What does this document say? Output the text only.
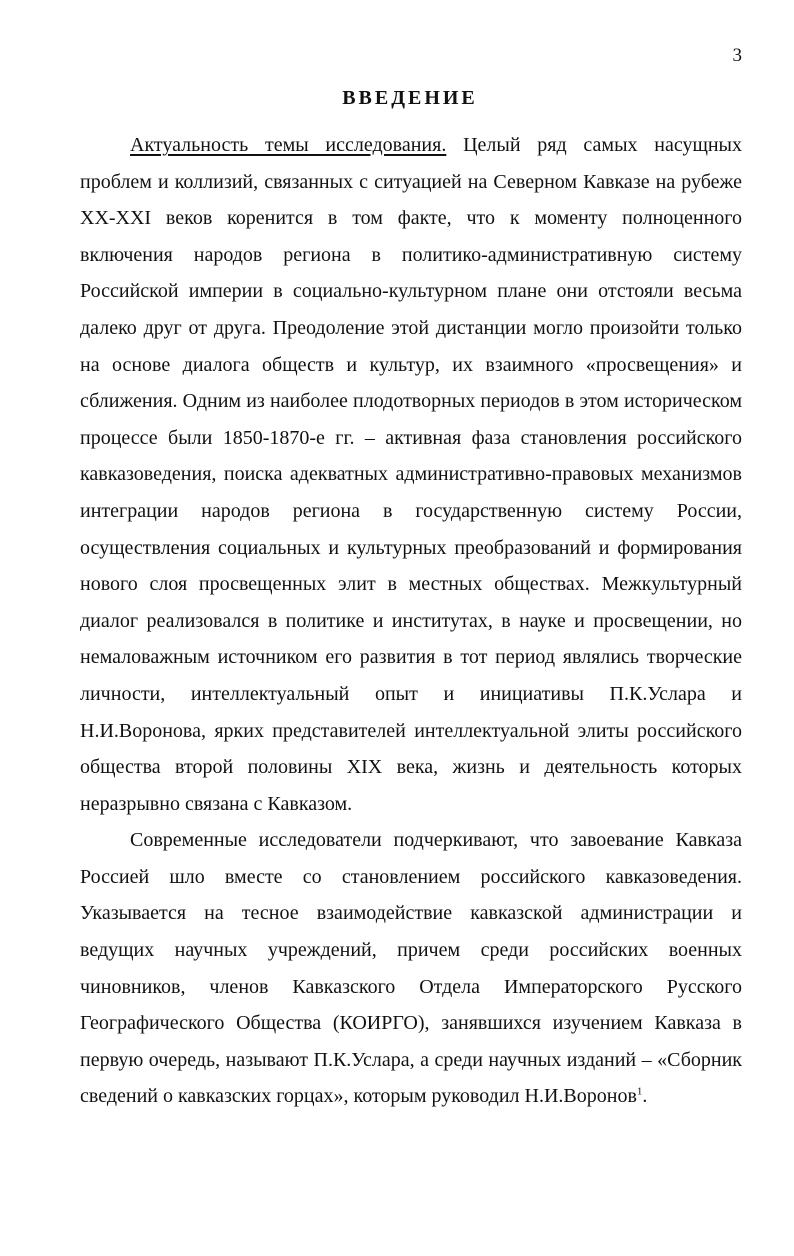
3
ВВЕДЕНИЕ

Актуальность темы исследования. Целый ряд самых насущных проблем и коллизий, связанных с ситуацией на Северном Кавказе на рубеже XX-XXI веков коренится в том факте, что к моменту полноценного включения народов региона в политико-административную систему Российской империи в социально-культурном плане они отстояли весьма далеко друг от друга. Преодоление этой дистанции могло произойти только на основе диалога обществ и культур, их взаимного «просвещения» и сближения. Одним из наиболее плодотворных периодов в этом историческом процессе были 1850-1870-е гг. – активная фаза становления российского кавказоведения, поиска адекватных административно-правовых механизмов интеграции народов региона в государственную систему России, осуществления социальных и культурных преобразований и формирования нового слоя просвещенных элит в местных обществах. Межкультурный диалог реализовался в политике и институтах, в науке и просвещении, но немаловажным источником его развития в тот период являлись творческие личности, интеллектуальный опыт и инициативы П.К.Услара и Н.И.Воронова, ярких представителей интеллектуальной элиты российского общества второй половины XIX века, жизнь и деятельность которых неразрывно связана с Кавказом.

Современные исследователи подчеркивают, что завоевание Кавказа Россией шло вместе со становлением российского кавказоведения. Указывается на тесное взаимодействие кавказской администрации и ведущих научных учреждений, причем среди российских военных чиновников, членов Кавказского Отдела Императорского Русского Географического Общества (КОИРГО), занявшихся изучением Кавказа в первую очередь, называют П.К.Услара, а среди научных изданий – «Сборник сведений о кавказских горцах», которым руководил Н.И.Воронов$^1$.
